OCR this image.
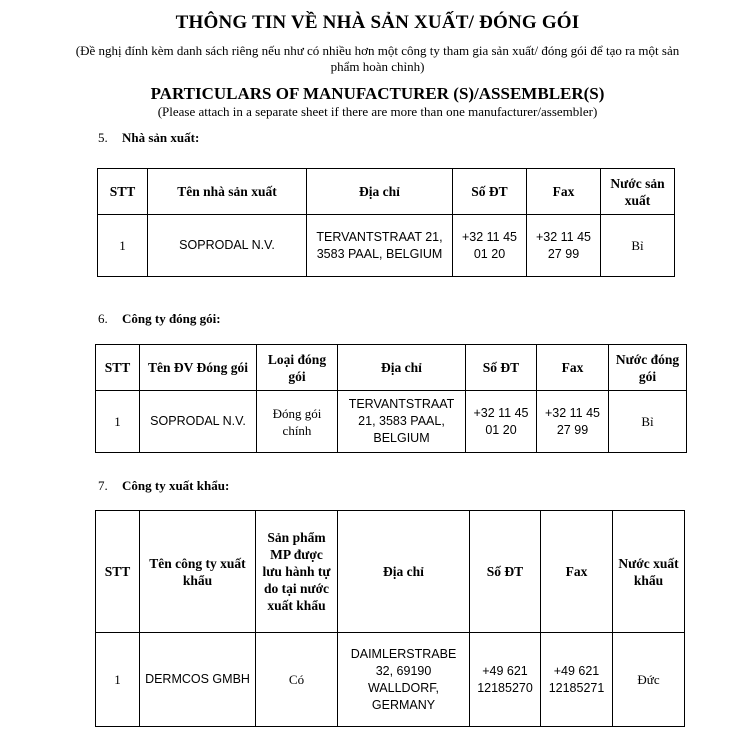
THÔNG TIN VỀ NHÀ SẢN XUẤT/ ĐÓNG GÓI
(Đề nghị đính kèm danh sách riêng nếu như có nhiều hơn một công ty tham gia sản xuất/ đóng gói để tạo ra một sản phẩm hoàn chỉnh)
PARTICULARS OF MANUFACTURER (S)/ASSEMBLER(S)
(Please attach in a separate sheet if there are more than one manufacturer/assembler)
5. Nhà sản xuất:
STT	Tên nhà sản xuất	Địa chỉ	Số ĐT	Fax	Nước sản xuất
1	SOPRODAL N.V.	TERVANTSTRAAT 21, 3583 PAAL, BELGIUM	+32 11 45 01 20	+32 11 45 27 99	Bỉ
6. Công ty đóng gói:
STT	Tên ĐV Đóng gói	Loại đóng gói	Địa chỉ	Số ĐT	Fax	Nước đóng gói
1	SOPRODAL N.V.	Đóng gói chính	TERVANTSTRAAT 21, 3583 PAAL, BELGIUM	+32 11 45 01 20	+32 11 45 27 99	Bỉ
7. Công ty xuất khẩu:
STT	Tên công ty xuất khẩu	Sản phẩm MP được lưu hành tự do tại nước xuất khẩu	Địa chỉ	Số ĐT	Fax	Nước xuất khẩu
1	DERMCOS GMBH	Có	DAIMLERSTRABE 32, 69190 WALLDORF, GERMANY	+49 621 12185270	+49 621 12185271	Đức
